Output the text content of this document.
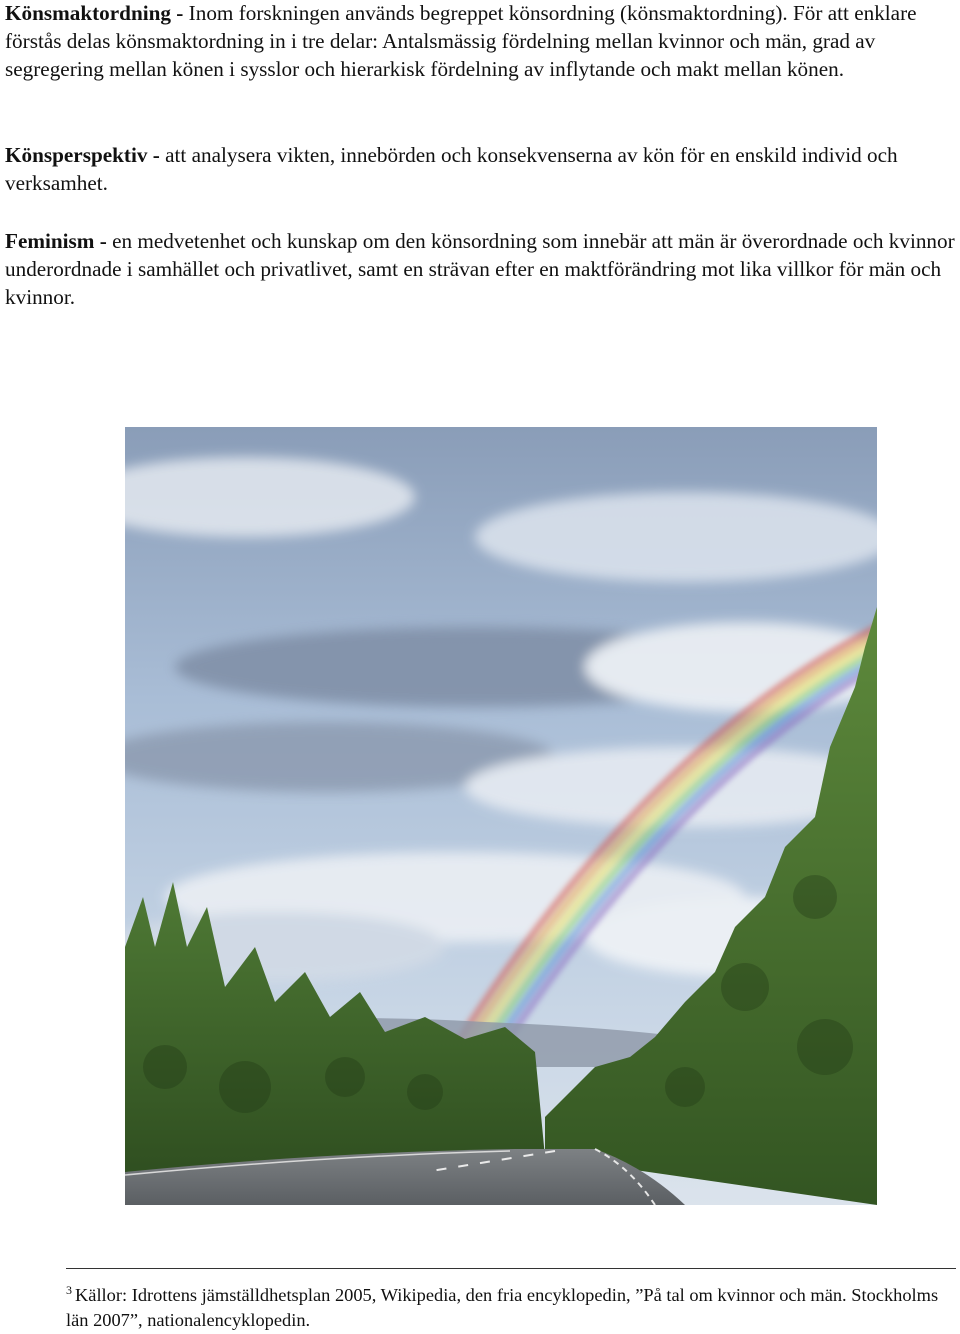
Könsmaktordning - Inom forskningen används begreppet könsordning (könsmaktordning). För att enklare förstås delas könsmaktordning in i tre delar: Antalsmässig fördelning mellan kvinnor och män, grad av segregering mellan könen i sysslor och hierarkisk fördelning av inflytande och makt mellan könen.

Könsperspektiv - att analysera vikten, innebörden och konsekvenserna av kön för en enskild individ och verksamhet.

Feminism - en medvetenhet och kunskap om den könsordning som innebär att män är överordnade och kvinnor underordnade i samhället och privatlivet, samt en strävan efter en maktförändring mot lika villkor för män och kvinnor.

$^3$ Källor: Idrottens jämställdhetsplan 2005, Wikipedia, den fria encyklopedin, ”På tal om kvinnor och män. Stockholms län 2007”, nationalencyklopedin.
